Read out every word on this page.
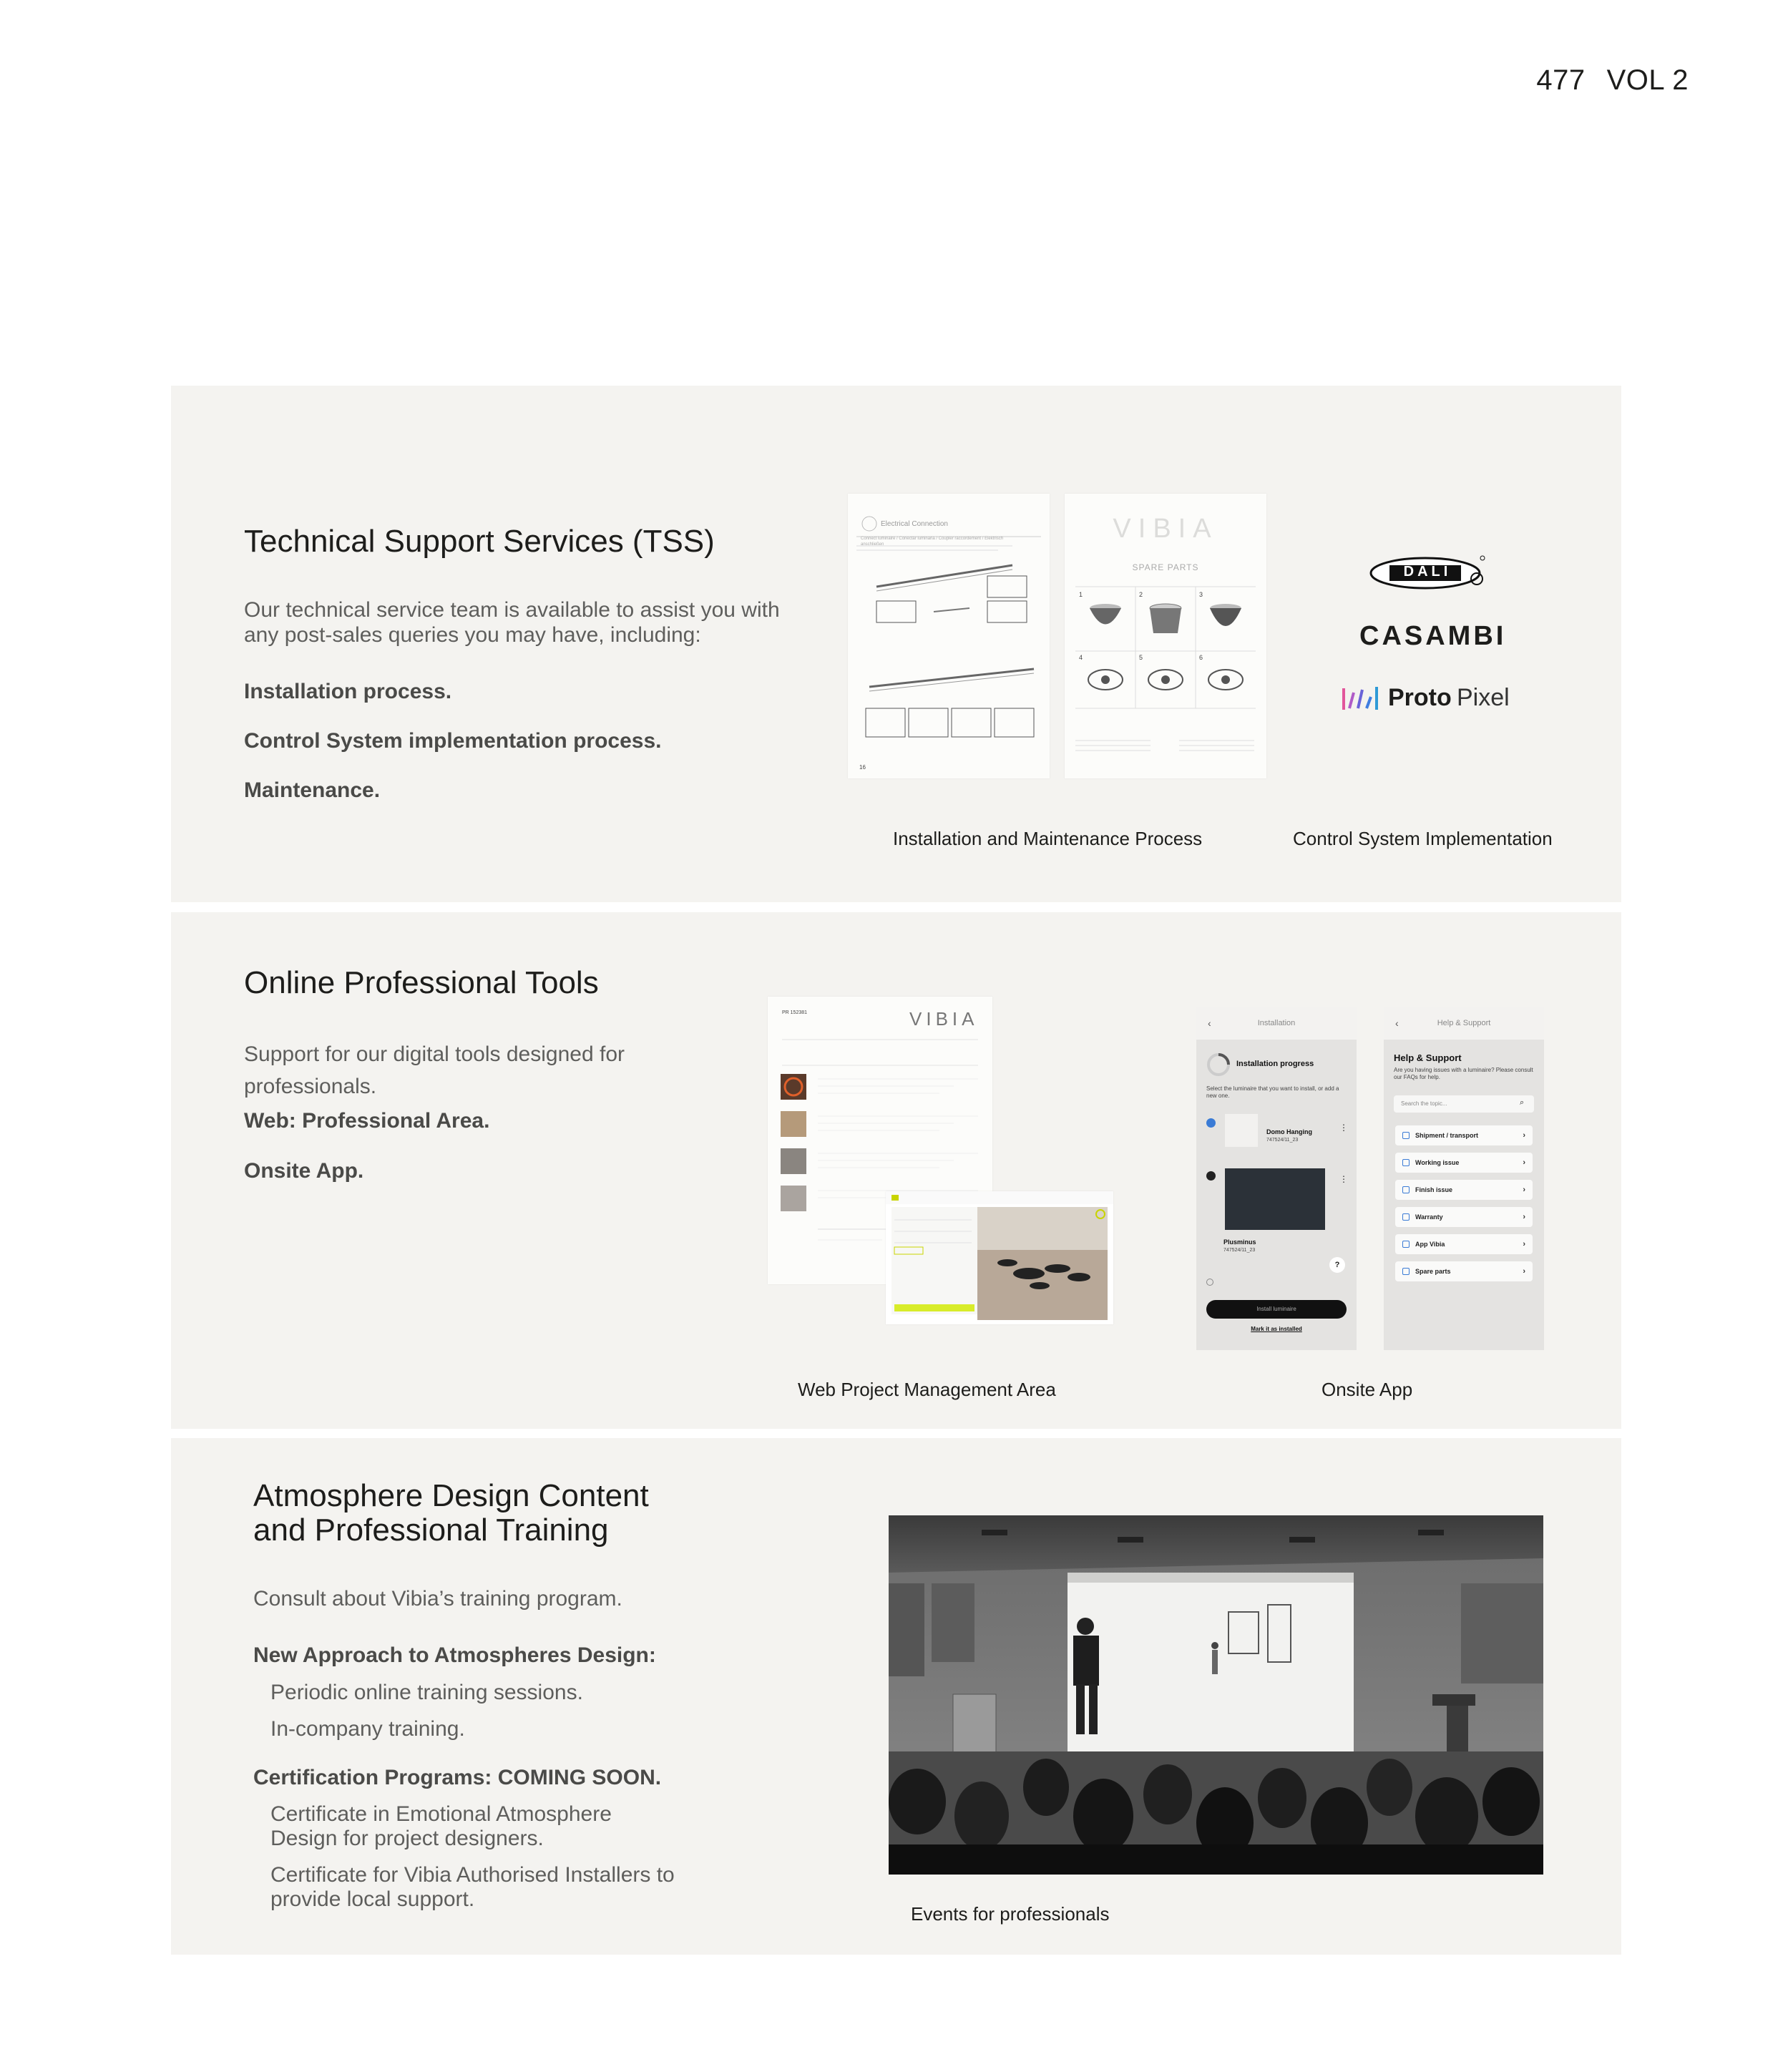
477 VOL 2
Technical Support Services (TSS)
Our technical service team is available to assist you with any post-sales queries you may have, including:
Installation process.
Control System implementation process.
Maintenance.
Electrical Connection
Connect luminaire / Conectar luminaria / Coupler raccordement / Elektrisch anschließen
16
VIBIA
SPARE PARTS
1	2	3
4	5	6
DALI
CASAMBI
Proto Pixel
Installation and Maintenance Process	Control System Implementation
Online Professional Tools
Support for our digital tools designed for professionals.
Web: Professional Area.
Onsite App.
VIBIA
PR 152381
‹	Installation
Installation progress
Select the luminaire that you want to install, or add a new one.
Domo Hanging
747524/11_23
⋮
⋮
Plusminus
747524/11_23
?
Install luminaire
Mark it as installed
‹	Help & Support
Help & Support
Are you having issues with a luminaire? Please consult our FAQs for help.
Search the topic...	⌕
Shipment / transport	›
Working issue	›
Finish issue	›
Warranty	›
App Vibia	›
Spare parts	›
Web Project Management Area	Onsite App
Atmosphere Design Content
and Professional Training
Consult about Vibia’s training program.
New Approach to Atmospheres Design:
Periodic online training sessions.
In-company training.
Certification Programs: COMING SOON.
Certificate in Emotional Atmosphere Design for project designers.
Certificate for Vibia Authorised Installers to provide local support.
Events for professionals
